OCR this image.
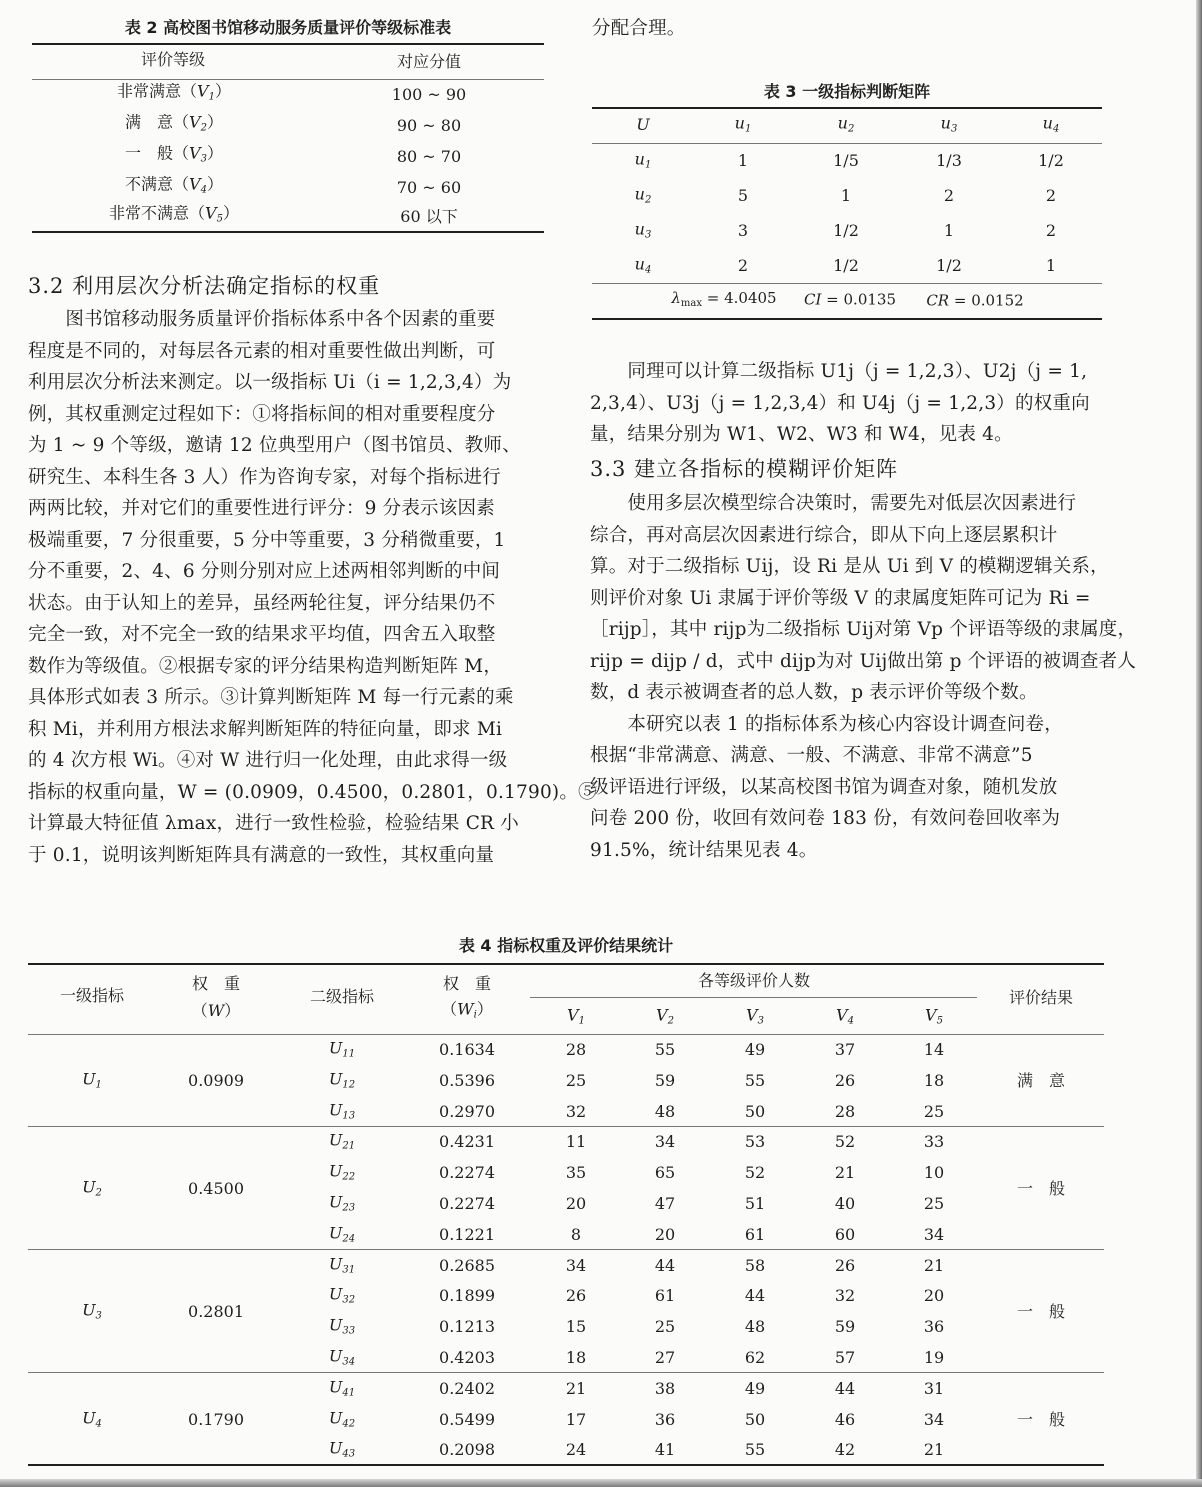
表 2 高校图书馆移动服务质量评价等级标准表
评价等级	对应分值
非常满意$(V_1)$	100 ~ 90
满　意$(V_2)$	90 ~ 80
一　般$(V_3)$	80 ~ 70
不满意$(V_4)$	70 ~ 60
非常不满意$(V_5)$	60 以下
分配合理。
表 3 一级指标判断矩阵
U	$u_1$	$u_2$	$u_3$	$u_4$
$u_1$	1	1/5	1/3	1/2
$u_2$	5	1	2	2
$u_3$	3	1/2	1	2
$u_4$	2	1/2	1/2	1
$\lambda_{max} = 4.0405$ CI = 0.0135 CR = 0.0152
3.2 利用层次分析法确定指标的权重
　　图书馆移动服务质量评价指标体系中各个因素的重要
程度是不同的，对每层各元素的相对重要性做出判断，可
利用层次分析法来测定。以一级指标 Ui（i = 1,2,3,4）为
例，其权重测定过程如下：①将指标间的相对重要程度分
为 1 ~ 9 个等级，邀请 12 位典型用户（图书馆员、教师、
研究生、本科生各 3 人）作为咨询专家，对每个指标进行
两两比较，并对它们的重要性进行评分：9 分表示该因素
极端重要，7 分很重要，5 分中等重要，3 分稍微重要，1
分不重要，2、4、6 分则分别对应上述两相邻判断的中间
状态。由于认知上的差异，虽经两轮往复，评分结果仍不
完全一致，对不完全一致的结果求平均值，四舍五入取整
数作为等级值。②根据专家的评分结果构造判断矩阵 M，
具体形式如表 3 所示。③计算判断矩阵 M 每一行元素的乘
积 Mi，并利用方根法求解判断矩阵的特征向量，即求 Mi
的 4 次方根 Wi。④对 W 进行归一化处理，由此求得一级
指标的权重向量，W = (0.0909，0.4500，0.2801，0.1790)。⑤
计算最大特征值 λmax，进行一致性检验，检验结果 CR 小
于 0.1，说明该判断矩阵具有满意的一致性，其权重向量
　　同理可以计算二级指标 U1j（j = 1,2,3）、U2j（j = 1,
2,3,4）、U3j（j = 1,2,3,4）和 U4j（j = 1,2,3）的权重向
量，结果分别为 W1、W2、W3 和 W4，见表 4。
3.3 建立各指标的模糊评价矩阵
　　使用多层次模型综合决策时，需要先对低层次因素进行
综合，再对高层次因素进行综合，即从下向上逐层累积计
算。对于二级指标 Uij，设 Ri 是从 Ui 到 V 的模糊逻辑关系，
则评价对象 Ui 隶属于评价等级 V 的隶属度矩阵可记为 Ri =
［rijp］，其中 rijp为二级指标 Uij对第 Vp 个评语等级的隶属度，
rijp = dijp / d，式中 dijp为对 Uij做出第 p 个评语的被调查者人
数，d 表示被调查者的总人数，p 表示评价等级个数。
　　本研究以表 1 的指标体系为核心内容设计调查问卷，
根据“非常满意、满意、一般、不满意、非常不满意”5
级评语进行评级，以某高校图书馆为调查对象，随机发放
问卷 200 份，收回有效问卷 183 份，有效问卷回收率为
91.5%，统计结果见表 4。
表 4 指标权重及评价结果统计
一级指标
权　重
（W）
二级指标
权　重
$(W_i)$
各等级评价人数
评价结果
$V_1$	$V_2$	$V_3$	$V_4$	$V_5$
$U_1$	0.0909	满　意
$U_{11}$	0.1634	28	55	49	37	14
$U_{12}$	0.5396	25	59	55	26	18
$U_{13}$	0.2970	32	48	50	28	25
$U_2$	0.4500	一　般
$U_{21}$	0.4231	11	34	53	52	33
$U_{22}$	0.2274	35	65	52	21	10
$U_{23}$	0.2274	20	47	51	40	25
$U_{24}$	0.1221	8	20	61	60	34
$U_3$	0.2801	一　般
$U_{31}$	0.2685	34	44	58	26	21
$U_{32}$	0.1899	26	61	44	32	20
$U_{33}$	0.1213	15	25	48	59	36
$U_{34}$	0.4203	18	27	62	57	19
$U_4$	0.1790	一　般
$U_{41}$	0.2402	21	38	49	44	31
$U_{42}$	0.5499	17	36	50	46	34
$U_{43}$	0.2098	24	41	55	42	21
